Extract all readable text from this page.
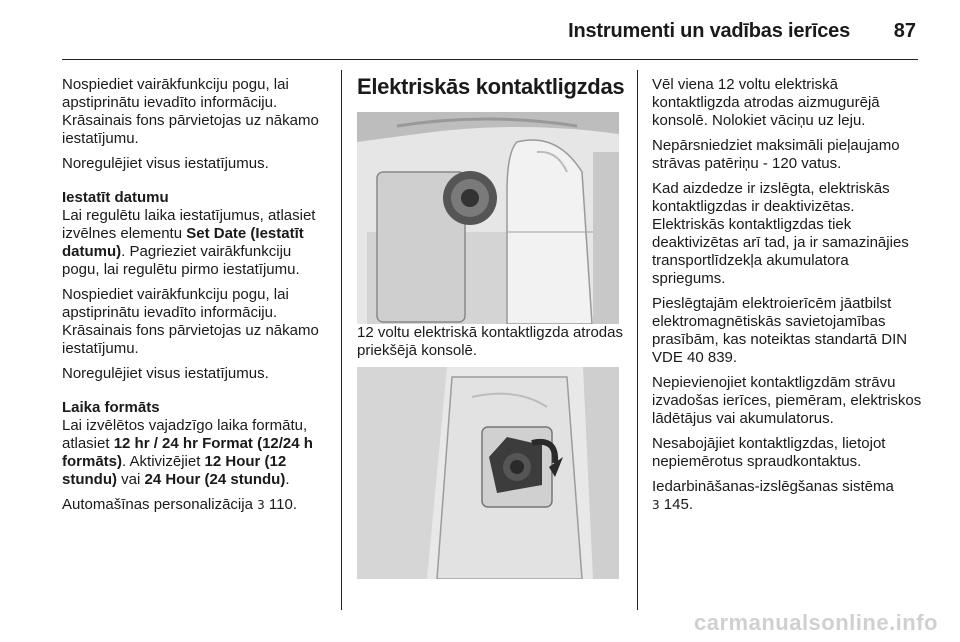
Instrumenti un vadības ierīces 87

Nospiediet vairākfunkciju pogu, lai apstiprinātu ievadīto informāciju. Krāsainais fons pārvietojas uz nākamo iestatījumu.

Noregulējiet visus iestatījumus.

Iestatīt datumu

Lai regulētu laika iestatījumus, atlasiet izvēlnes elementu Set Date (Iestatīt datumu). Pagrieziet vairākfunkciju pogu, lai regulētu pirmo iestatījumu.

Nospiediet vairākfunkciju pogu, lai apstiprinātu ievadīto informāciju. Krāsainais fons pārvietojas uz nākamo iestatījumu.

Noregulējiet visus iestatījumus.

Laika formāts

Lai izvēlētos vajadzīgo laika formātu, atlasiet 12 hr / 24 hr Format (12/24 h formāts). Aktivizējiet 12 Hour (12 stundu) vai 24 Hour (24 stundu).

Automašīnas personalizācija 3 110.

Elektriskās kontaktligzdas

12 voltu elektriskā kontaktligzda atrodas priekšējā konsolē.

Vēl viena 12 voltu elektriskā kontaktligzda atrodas aizmugurējā konsolē. Nolokiet vāciņu uz leju.

Nepārsniedziet maksimāli pieļaujamo strāvas patēriņu - 120 vatus.

Kad aizdedze ir izslēgta, elektriskās kontaktligzdas ir deaktivizētas. Elektriskās kontaktligzdas tiek deaktivizētas arī tad, ja ir samazinājies transportlīdzekļa akumulatora spriegums.

Pieslēgtajām elektroierīcēm jāatbilst elektromagnētiskās savietojamības prasībām, kas noteiktas standartā DIN VDE 40 839.

Nepievienojiet kontaktligzdām strāvu izvadošas ierīces, piemēram, elektriskos lādētājus vai akumulatorus.

Nesabojājiet kontaktligzdas, lietojot nepiemērotus spraudkontaktus.

Iedarbināšanas-izslēgšanas sistēma
3 145.

carmanualsonline.info
